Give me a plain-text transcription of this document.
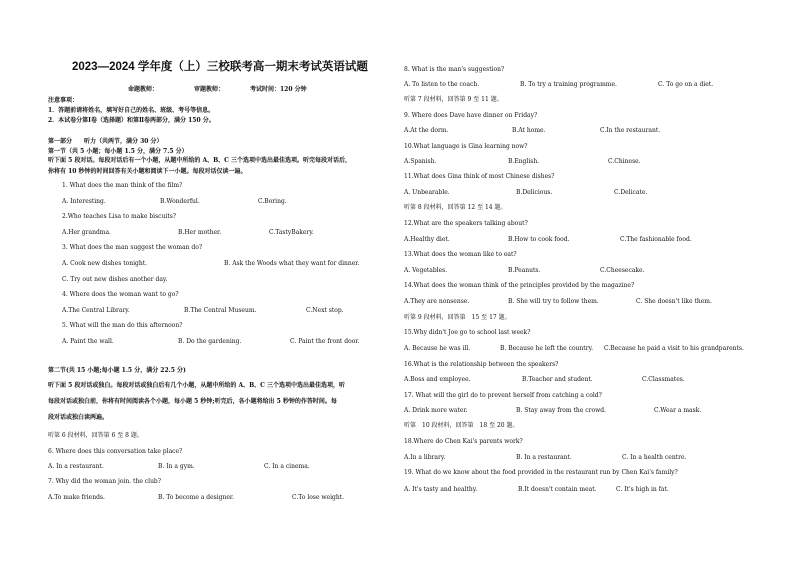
2023—2024 学年度（上）三校联考高一期末考试英语试题
命题教师：	审题教师：	考试时间：120 分钟
注意事项：
1．答题前请将姓名，填写好自己的姓名、班级、考号等信息。
2．本试卷分第Ⅰ卷（选择题）和第Ⅱ卷两部分，满分 150 分。
第一部分　　听力（共两节，满分 30 分）
第一节（共 5 小题；每小题 1.5 分，满分 7.5 分）
听下面 5 段对话。每段对话后有一个小题，从题中所给的 A、B、C 三个选项中选出最佳选项。听完每段对话后，
你将有 10 秒钟的时间回答有关小题和阅读下一小题。每段对话仅读一遍。
1. What does the man think of the film?
A. Interesting.	B.Wonderful.	C.Boring.
2.Who teaches Lisa to make biscuits?
A.Her grandma.	B.Her mother.	C.TastyBakery.
3. What does the man suggest the woman do?
A. Cook new dishes tonight.	B. Ask the Woods what they want for dinner.
C. Try out new dishes another day.
4. Where does the woman want to go?
A.The Central Library.	B.The Central Museum.	C.Next stop.
5. What will the man do this afternoon?
A. Paint the wall.	B. Do the gardening.	C. Paint the front door.
第二节(共 15 小题;每小题 1.5 分，满分 22.5 分)
听下面 5 段对话或独白。每段对话或独白后有几个小题，从题中所给的 A、B、C 三个选项中选出最佳选项，听
每段对话或独白前，你将有时间阅读各个小题，每小题 5 秒钟;听完后，各小题将给出 5 秒钟的作答时间。每
段对话或独白读两遍。
听第 6 段材料，回答第 6 至 8 题。
6. Where does this conversation take place?
A. In a restaurant.	B. In a gym.	C. In a cinema.
7. Why did the woman join. the club?
A.To make friends.	B. To become a designer.	C.To lose weight.
8. What is the man's suggestion?
A. To listen to the coach.	B. To try a training programme.	C. To go on a diet.
听第 7 段材料，回答第 9 至 11 题。
9. Where does Dave have dinner on Friday?
A.At the dorm.	B.At home.	C.In the restaurant.
10.What language is Gina learning now?
A.Spanish.	B.English.	C.Chinese.
11.What does Gina think of most Chinese dishes?
A. Unbearable.	B.Delicious.	C.Delicate.
听第 8 段材料，回答第 12 至 14 题。
12.What are the speakers talking about?
A.Healthy diet.	B.How to cook food.	C.The fashionable food.
13.What does the woman like to eat?
A. Vegetables.	B.Peanuts.	C.Cheesecake.
14.What does the woman think of the principles provided by the magazine?
A.They are nonsense.	B. She will try to follow them.	C. She doesn't like them.
听第 9 段材料，回答第　15 至 17 题。
15.Why didn't Joe go to school last week?
A. Because he was ill.	B. Because he left the country. C.Because he paid a visit to his grandparents.
16.What is the relationship between the speakers?
A.Boss and employee.	B.Teacher and student.	C.Classmates.
17. What will the girl do to prevent herself from catching a cold?
A. Drink more water.	B. Stay away from the crowd.	C.Wear a mask.
听第　10 段材料，回答第　18 至 20 题。
18.Where do Chen Kai's parents work?
A.In a library.	B. In a restaurant.	C. In a health centre.
19. What do we know about the food provided in the restaurant run by Chen Kai's family?
A. It's tasty and healthy.	B.It doesn't contain meat.	C. It's high in fat.
